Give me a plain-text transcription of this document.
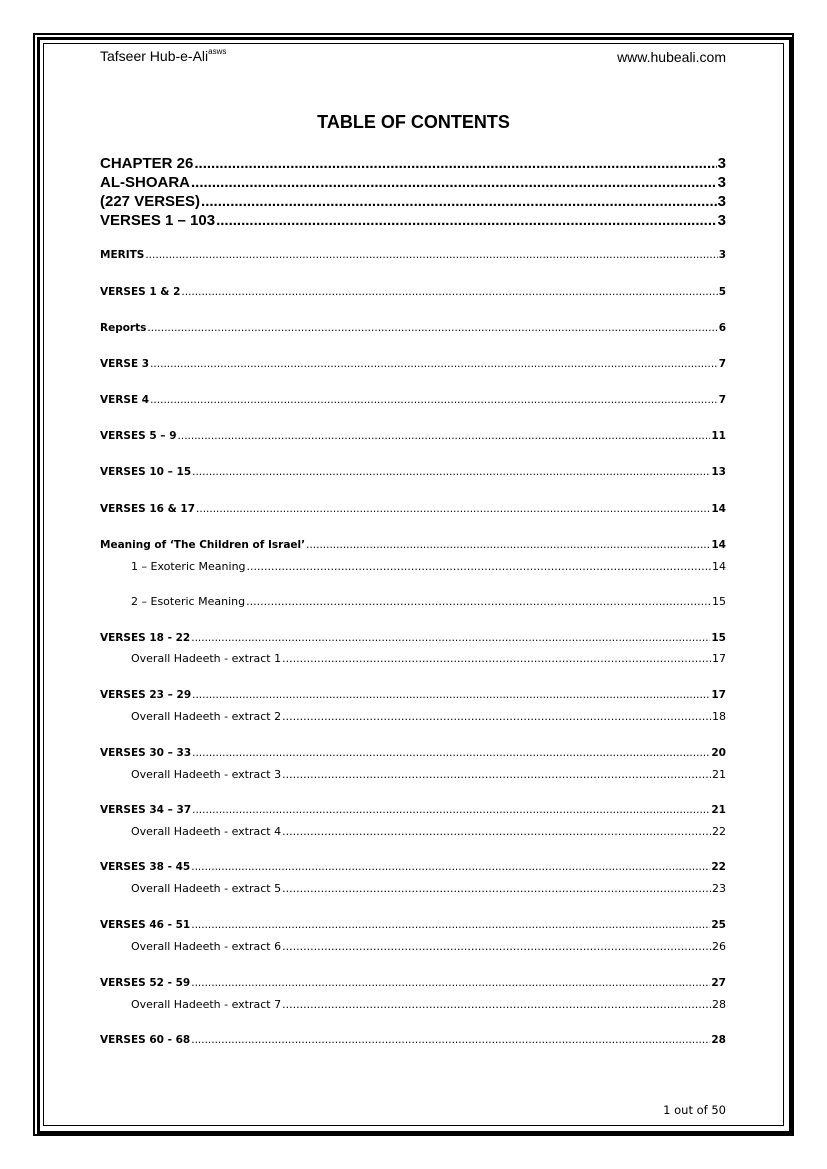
Tafseer Hub-e-Ali$^{asws}$	www.hubeali.com
TABLE OF CONTENTS
CHAPTER 26 .....	3
AL-SHOARA .....	3
(227 VERSES) .....	3
VERSES 1 – 103 .....	3
MERITS .....	3
VERSES 1 & 2 .....	5
Reports .....	6
VERSE 3 .....	7
VERSE 4 .....	7
VERSES 5 – 9 .....	11
VERSES 10 – 15 .....	13
VERSES 16 & 17 .....	14
Meaning of ‘The Children of Israel’ .....	14
1 – Exoteric Meaning .....	14
2 – Esoteric Meaning .....	15
VERSES 18 - 22 .....	15
Overall Hadeeth - extract 1 .....	17
VERSES 23 – 29 .....	17
Overall Hadeeth - extract 2 .....	18
VERSES 30 – 33 .....	20
Overall Hadeeth - extract 3 .....	21
VERSES 34 – 37 .....	21
Overall Hadeeth - extract 4 .....	22
VERSES 38 - 45 .....	22
Overall Hadeeth - extract 5 .....	23
VERSES 46 - 51 .....	25
Overall Hadeeth - extract 6 .....	26
VERSES 52 - 59 .....	27
Overall Hadeeth - extract 7 .....	28
VERSES 60 - 68 .....	28
1 out of 50
